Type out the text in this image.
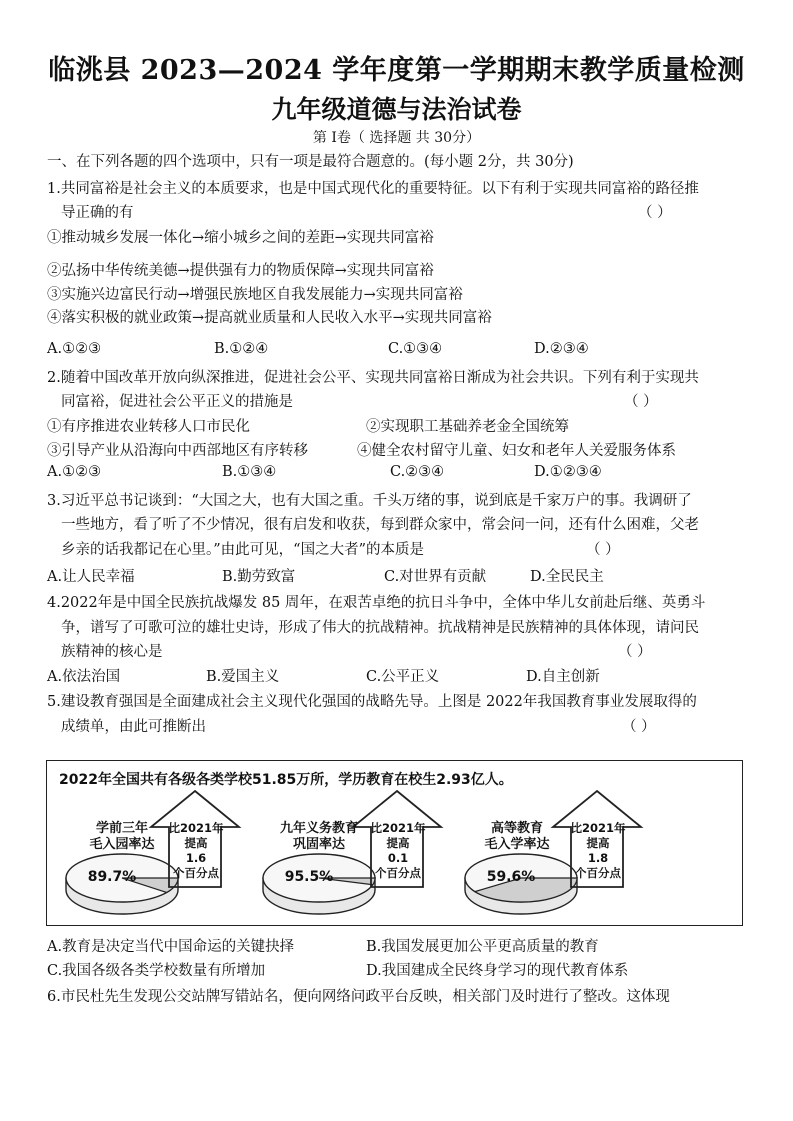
临洮县 2023—2024 学年度第一学期期末教学质量检测
九年级道德与法治试卷
第 Ⅰ卷（ 选择题 共 30分）
一、在下列各题的四个选项中，只有一项是最符合题意的。(每小题 2分，共 30分)
1.共同富裕是社会主义的本质要求，也是中国式现代化的重要特征。以下有利于实现共同富裕的路径推
导正确的有	（ ）
①推动城乡发展一体化→缩小城乡之间的差距→实现共同富裕
②弘扬中华传统美德→提供强有力的物质保障→实现共同富裕
③实施兴边富民行动→增强民族地区自我发展能力→实现共同富裕
④落实积极的就业政策→提高就业质量和人民收入水平→实现共同富裕
A.①②③	B.①②④	C.①③④	D.②③④
2.随着中国改革开放向纵深推进，促进社会公平、实现共同富裕日渐成为社会共识。下列有利于实现共
同富裕，促进社会公平正义的措施是	（ ）
①有序推进农业转移人口市民化	②实现职工基础养老金全国统筹
③引导产业从沿海向中西部地区有序转移	④健全农村留守儿童、妇女和老年人关爱服务体系
A.①②③	B.①③④	C.②③④	D.①②③④
3.习近平总书记谈到：“大国之大，也有大国之重。千头万绪的事，说到底是千家万户的事。我调研了
一些地方，看了听了不少情况，很有启发和收获，每到群众家中，常会问一问，还有什么困难，父老
乡亲的话我都记在心里。”由此可见，“国之大者”的本质是	（ ）
A.让人民幸福	B.勤劳致富	C.对世界有贡献	D.全民民主
4.2022年是中国全民族抗战爆发 85 周年，在艰苦卓绝的抗日斗争中，全体中华儿女前赴后继、英勇斗
争，谱写了可歌可泣的雄壮史诗，形成了伟大的抗战精神。抗战精神是民族精神的具体体现，请问民
族精神的核心是	（ ）
A.依法治国	B.爱国主义	C.公平正义	D.自主创新
5.建设教育强国是全面建成社会主义现代化强国的战略先导。上图是 2022年我国教育事业发展取得的
成绩单，由此可推断出	（ ）
2022年全国共有各级各类学校51.85万所，学历教育在校生2.93亿人。
89.7%	95.5%	59.6%
学前三年
毛入园率达
比2021年
提高
1.6
个百分点
九年义务教育
巩固率达
比2021年
提高
0.1
个百分点
高等教育
毛入学率达
比2021年
提高
1.8
个百分点
A.教育是决定当代中国命运的关键抉择	B.我国发展更加公平更高质量的教育
C.我国各级各类学校数量有所增加	D.我国建成全民终身学习的现代教育体系
6.市民杜先生发现公交站牌写错站名，便向网络问政平台反映，相关部门及时进行了整改。这体现
